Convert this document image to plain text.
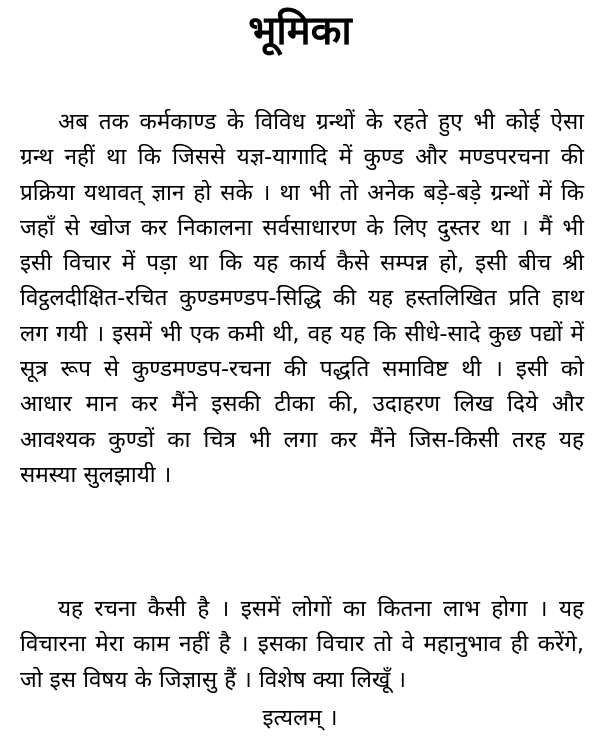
भूमिका

अब तक कर्मकाण्ड के विविध ग्रन्थों के रहते हुए भी कोई ऐसा ग्रन्थ नहीं था कि जिससे यज्ञ-यागादि में कुण्ड और मण्डपरचना की प्रक्रिया यथावत् ज्ञान हो सके । था भी तो अनेक बड़े-बड़े ग्रन्थों में कि जहाँ से खोज कर निकालना सर्वसाधारण के लिए दुस्तर था । मैं भी इसी विचार में पड़ा था कि यह कार्य कैसे सम्पन्न हो, इसी बीच श्री विट्ठलदीक्षित-रचित कुण्डमण्डप-सिद्धि की यह हस्तलिखित प्रति हाथ लग गयी । इसमें भी एक कमी थी, वह यह कि सीधे-सादे कुछ पद्यों में सूत्र रूप से कुण्डमण्डप-रचना की पद्धति समाविष्ट थी । इसी को आधार मान कर मैंने इसकी टीका की, उदाहरण लिख दिये और आवश्यक कुण्डों का चित्र भी लगा कर मैंने जिस-किसी तरह यह समस्या सुलझायी ।

यह रचना कैसी है । इसमें लोगों का कितना लाभ होगा । यह विचारना मेरा काम नहीं है । इसका विचार तो वे महानुभाव ही करेंगे, जो इस विषय के जिज्ञासु हैं । विशेष क्या लिखूँ ।

इत्यलम् ।
